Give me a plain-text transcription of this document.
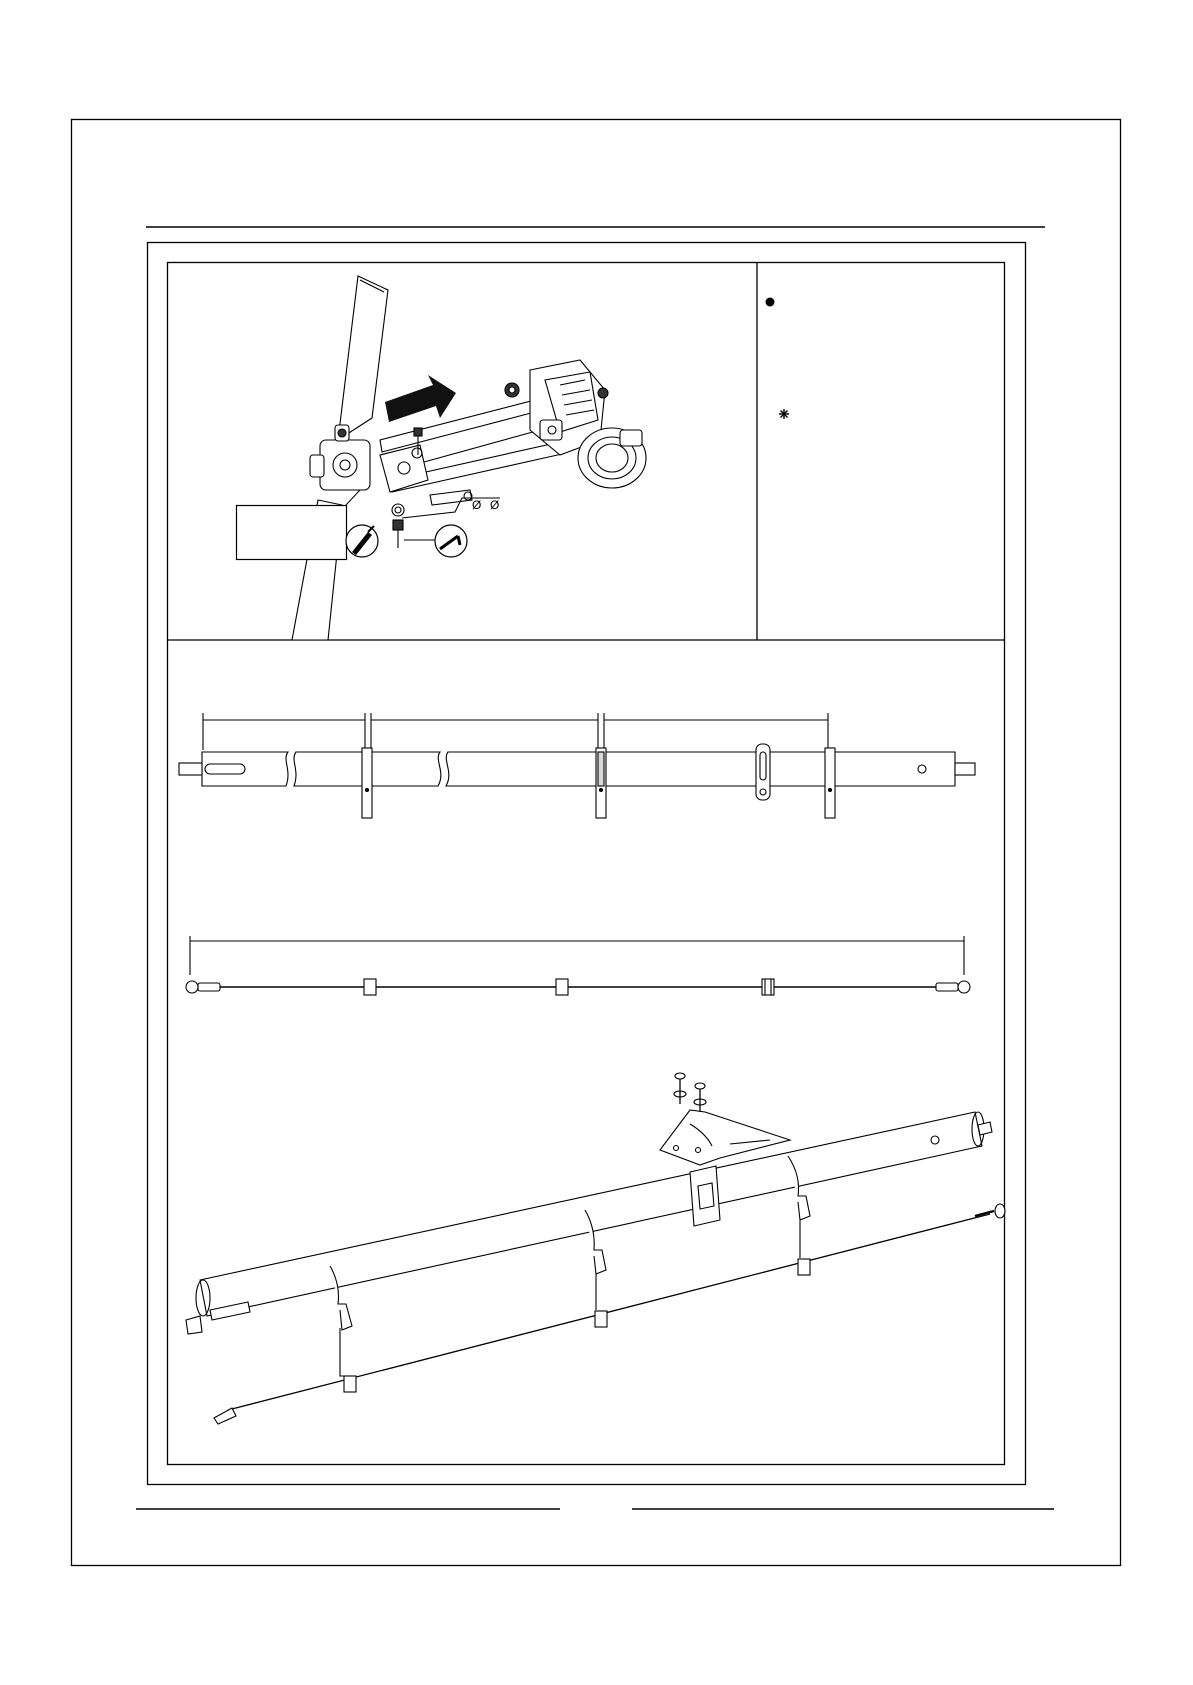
Ø Ø
